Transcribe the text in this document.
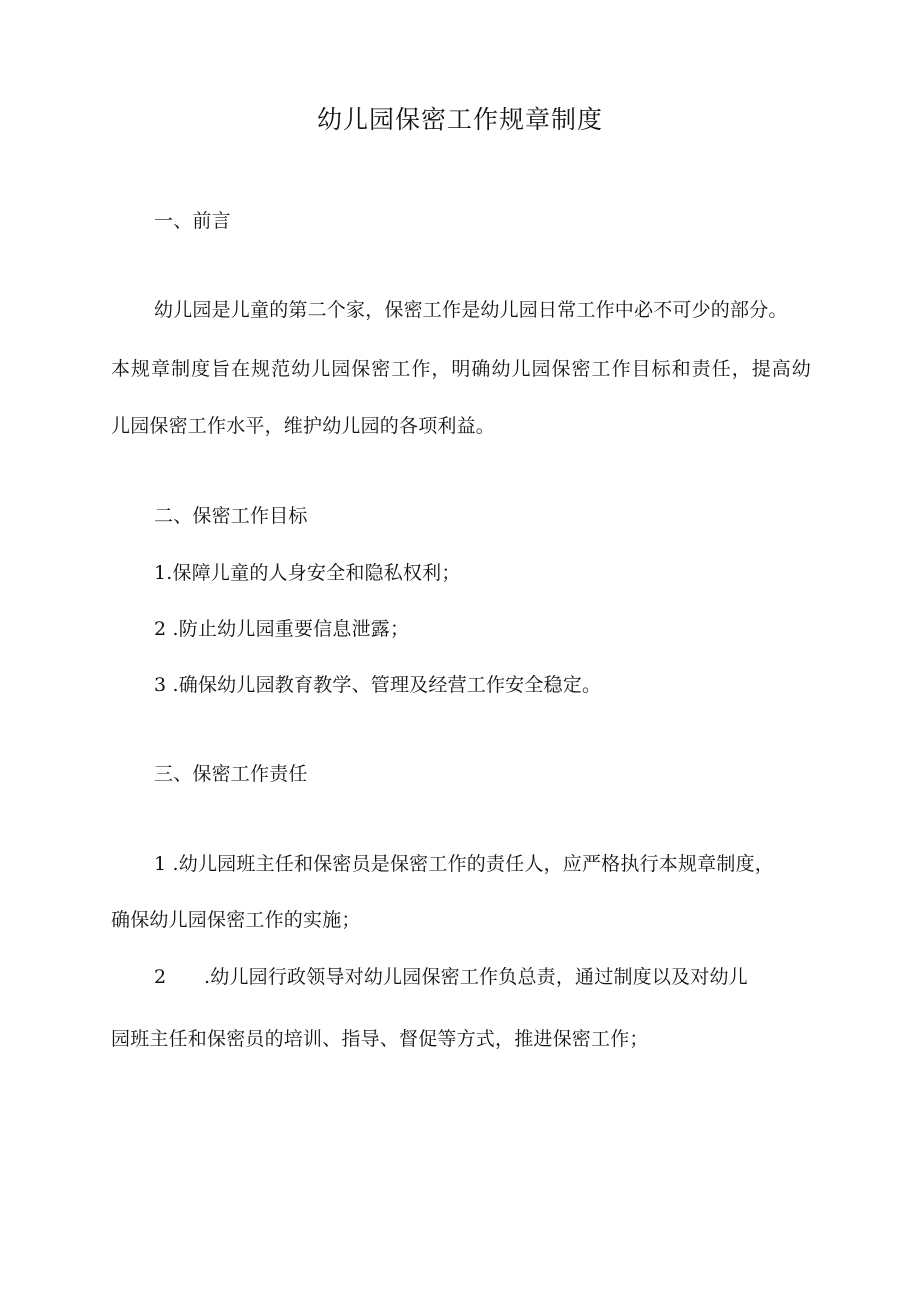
幼儿园保密工作规章制度
一、前言
幼儿园是儿童的第二个家，保密工作是幼儿园日常工作中必不可少的部分。
本规章制度旨在规范幼儿园保密工作，明确幼儿园保密工作目标和责任，提高幼
儿园保密工作水平，维护幼儿园的各项利益。
二、保密工作目标
1.保障儿童的人身安全和隐私权利；
2 .防止幼儿园重要信息泄露；
3 .确保幼儿园教育教学、管理及经营工作安全稳定。
三、保密工作责任
1 .幼儿园班主任和保密员是保密工作的责任人，应严格执行本规章制度，
确保幼儿园保密工作的实施；
2 .幼儿园行政领导对幼儿园保密工作负总责，通过制度以及对幼儿
园班主任和保密员的培训、指导、督促等方式，推进保密工作；
